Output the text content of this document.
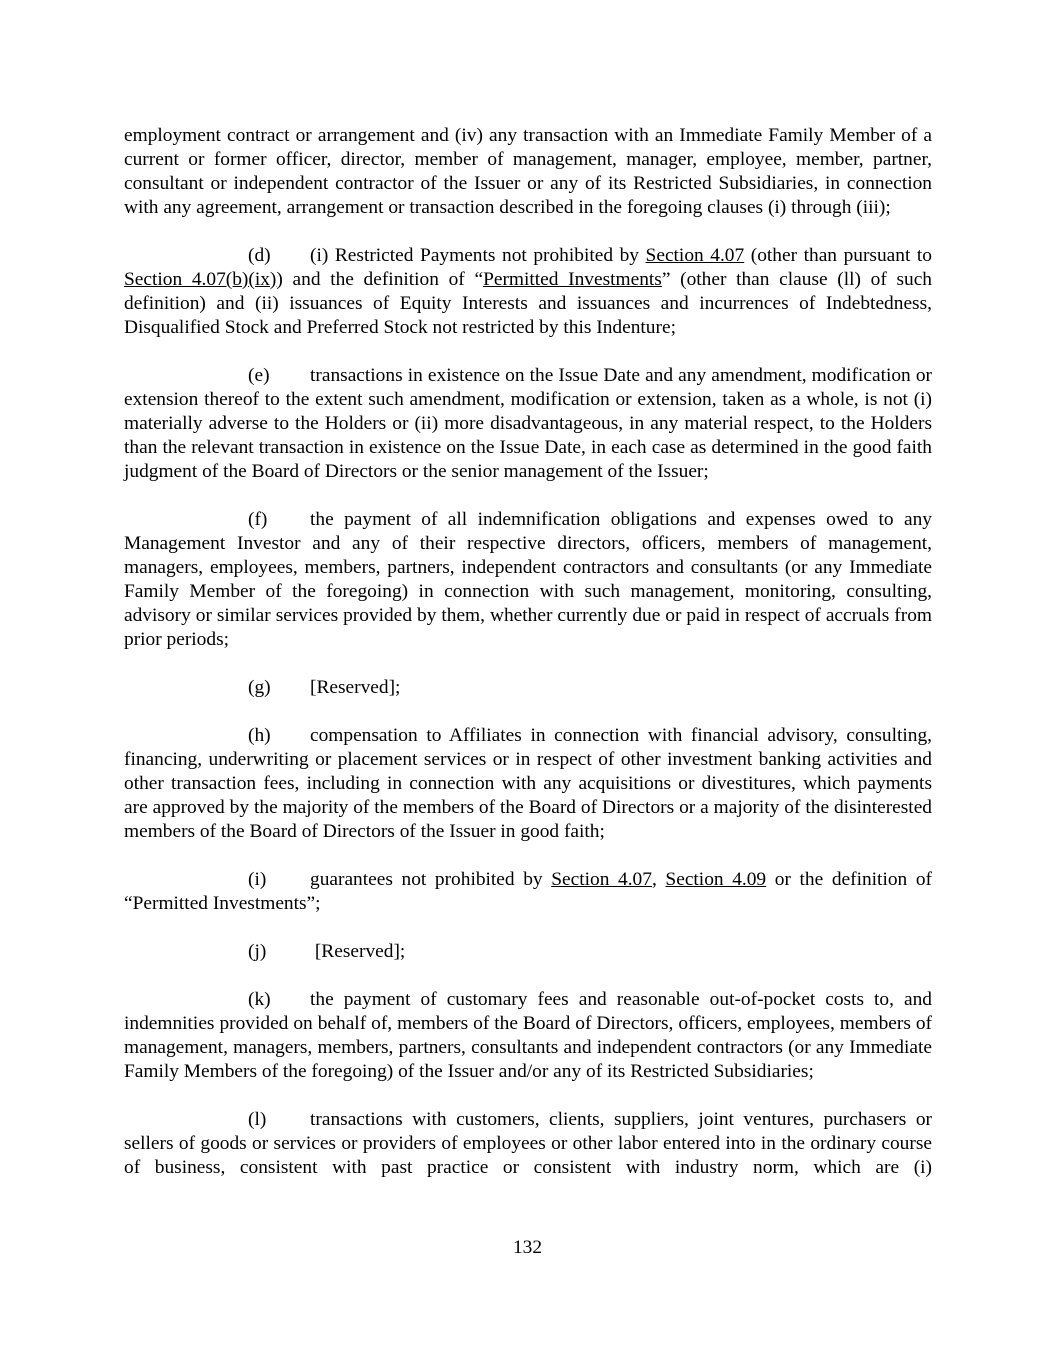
employment contract or arrangement and (iv) any transaction with an Immediate Family Member of a current or former officer, director, member of management, manager, employee, member, partner, consultant or independent contractor of the Issuer or any of its Restricted Subsidiaries, in connection with any agreement, arrangement or transaction described in the foregoing clauses (i) through (iii);

(d) (i) Restricted Payments not prohibited by Section 4.07 (other than pursuant to Section 4.07(b)(ix)) and the definition of “Permitted Investments” (other than clause (ll) of such definition) and (ii) issuances of Equity Interests and issuances and incurrences of Indebtedness, Disqualified Stock and Preferred Stock not restricted by this Indenture;

(e) transactions in existence on the Issue Date and any amendment, modification or extension thereof to the extent such amendment, modification or extension, taken as a whole, is not (i) materially adverse to the Holders or (ii) more disadvantageous, in any material respect, to the Holders than the relevant transaction in existence on the Issue Date, in each case as determined in the good faith judgment of the Board of Directors or the senior management of the Issuer;

(f) the payment of all indemnification obligations and expenses owed to any Management Investor and any of their respective directors, officers, members of management, managers, employees, members, partners, independent contractors and consultants (or any Immediate Family Member of the foregoing) in connection with such management, monitoring, consulting, advisory or similar services provided by them, whether currently due or paid in respect of accruals from prior periods;

(g) [Reserved];

(h) compensation to Affiliates in connection with financial advisory, consulting, financing, underwriting or placement services or in respect of other investment banking activities and other transaction fees, including in connection with any acquisitions or divestitures, which payments are approved by the majority of the members of the Board of Directors or a majority of the disinterested members of the Board of Directors of the Issuer in good faith;

(i) guarantees not prohibited by Section 4.07, Section 4.09 or the definition of “Permitted Investments”;

(j) [Reserved];

(k) the payment of customary fees and reasonable out-of-pocket costs to, and indemnities provided on behalf of, members of the Board of Directors, officers, employees, members of management, managers, members, partners, consultants and independent contractors (or any Immediate Family Members of the foregoing) of the Issuer and/or any of its Restricted Subsidiaries;

(l) transactions with customers, clients, suppliers, joint ventures, purchasers or sellers of goods or services or providers of employees or other labor entered into in the ordinary course of business, consistent with past practice or consistent with industry norm, which are (i)

132
